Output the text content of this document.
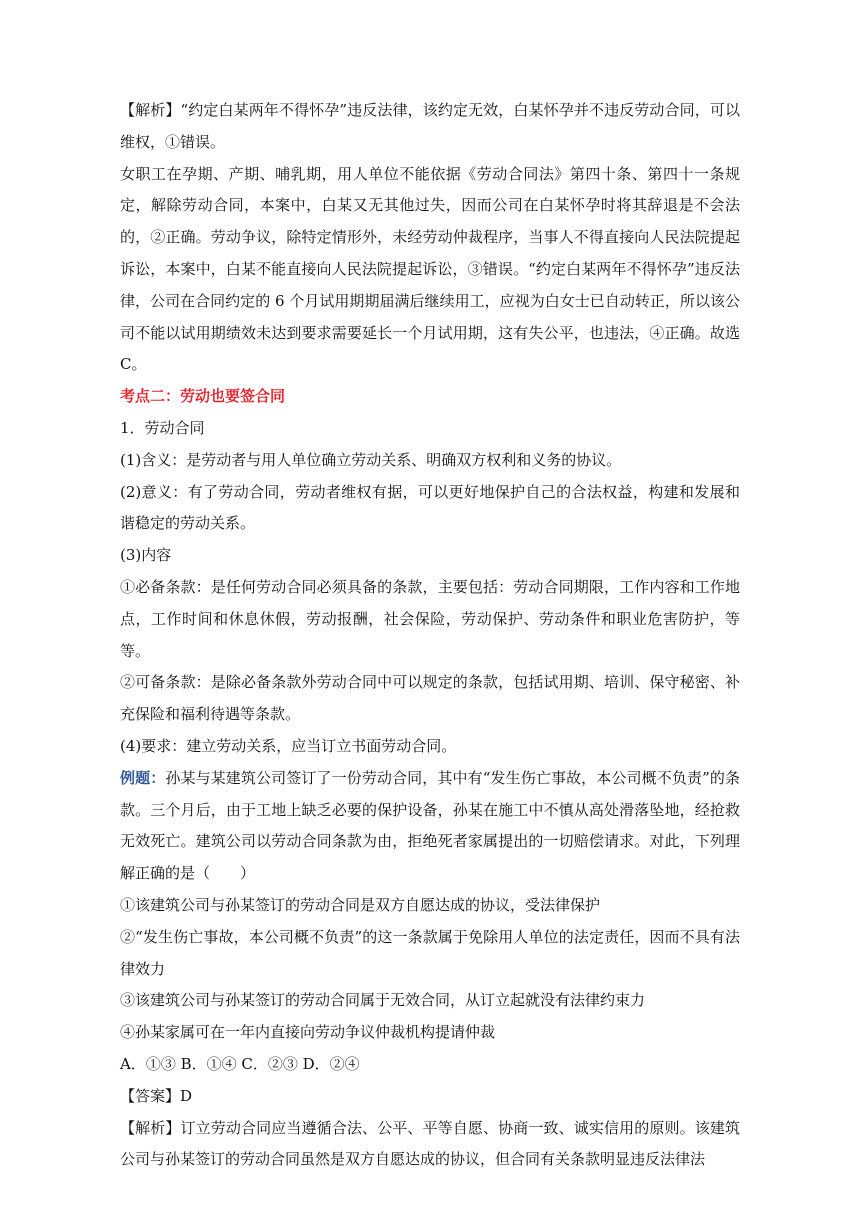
【解析】“约定白某两年不得怀孕”违反法律，该约定无效，白某怀孕并不违反劳动合同，可以维权，①错误。

女职工在孕期、产期、哺乳期，用人单位不能依据《劳动合同法》第四十条、第四十一条规定，解除劳动合同，本案中，白某又无其他过失，因而公司在白某怀孕时将其辞退是不会法的，②正确。劳动争议，除特定情形外，未经劳动仲裁程序，当事人不得直接向人民法院提起诉讼，本案中，白某不能直接向人民法院提起诉讼，③错误。“约定白某两年不得怀孕”违反法律，公司在合同约定的 6 个月试用期期届满后继续用工，应视为白女士已自动转正，所以该公司不能以试用期绩效未达到要求需要延长一个月试用期，这有失公平，也违法，④正确。故选 C。

考点二：劳动也要签合同

1．劳动合同

(1)含义：是劳动者与用人单位确立劳动关系、明确双方权利和义务的协议。

(2)意义：有了劳动合同，劳动者维权有据，可以更好地保护自己的合法权益，构建和发展和谐稳定的劳动关系。

(3)内容

①必备条款：是任何劳动合同必须具备的条款，主要包括：劳动合同期限，工作内容和工作地点，工作时间和休息休假，劳动报酬，社会保险，劳动保护、劳动条件和职业危害防护，等等。

②可备条款：是除必备条款外劳动合同中可以规定的条款，包括试用期、培训、保守秘密、补充保险和福利待遇等条款。

(4)要求：建立劳动关系，应当订立书面劳动合同。

例题：孙某与某建筑公司签订了一份劳动合同，其中有“发生伤亡事故，本公司概不负责”的条款。三个月后，由于工地上缺乏必要的保护设备，孙某在施工中不慎从高处滑落坠地，经抢救无效死亡。建筑公司以劳动合同条款为由，拒绝死者家属提出的一切赔偿请求。对此，下列理解正确的是（　　）

①该建筑公司与孙某签订的劳动合同是双方自愿达成的协议，受法律保护

②“发生伤亡事故，本公司概不负责”的这一条款属于免除用人单位的法定责任，因而不具有法律效力

③该建筑公司与孙某签订的劳动合同属于无效合同，从订立起就没有法律约束力

④孙某家属可在一年内直接向劳动争议仲裁机构提请仲裁

A．①③ B．①④ C．②③ D．②④

【答案】D

【解析】订立劳动合同应当遵循合法、公平、平等自愿、协商一致、诚实信用的原则。该建筑公司与孙某签订的劳动合同虽然是双方自愿达成的协议，但合同有关条款明显违反法律法
